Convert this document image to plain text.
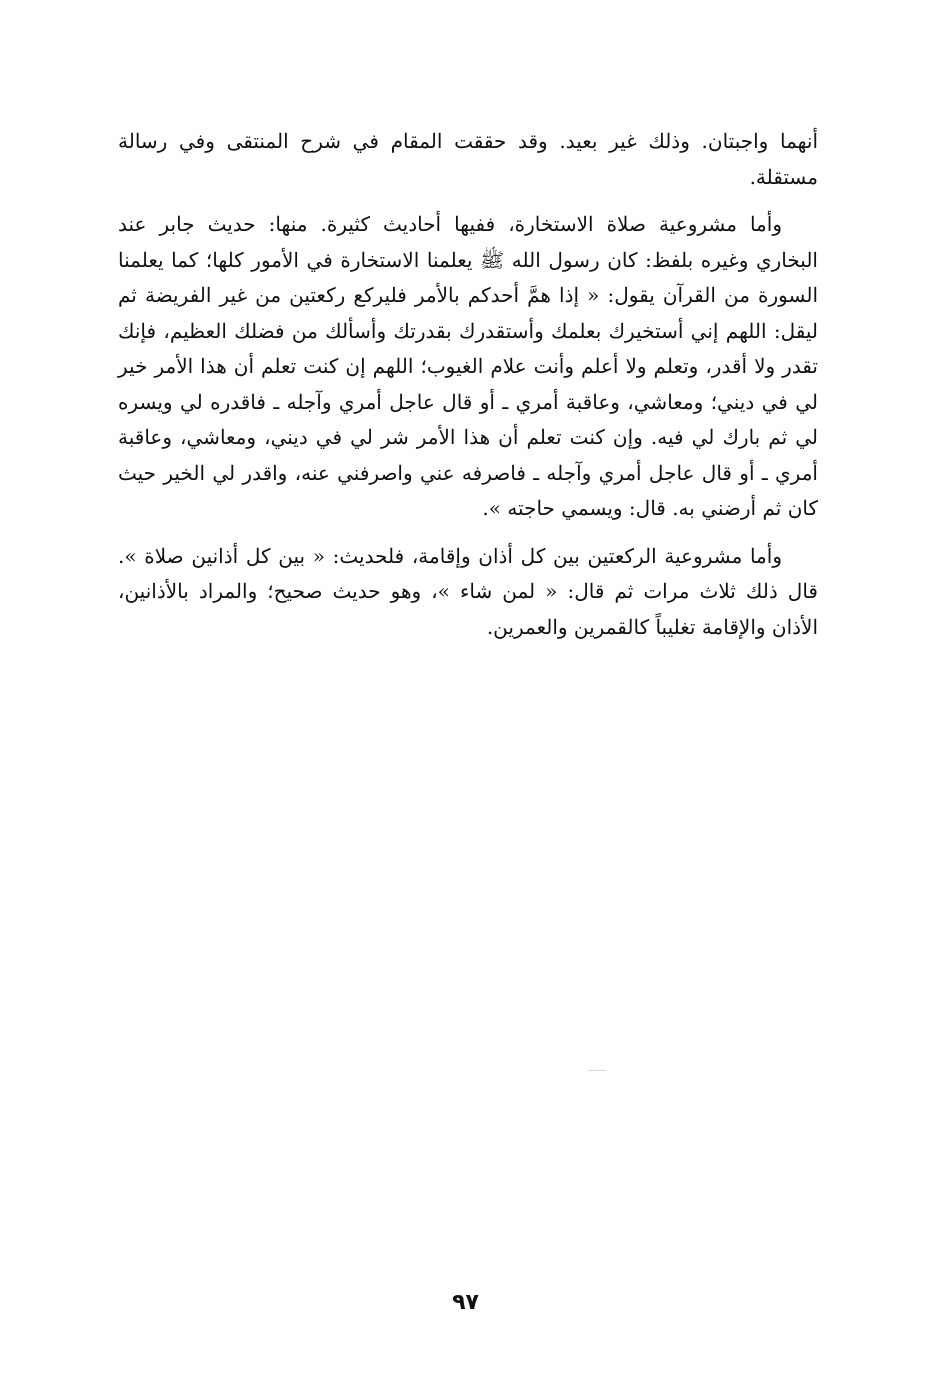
أنهما واجبتان. وذلك غير بعيد. وقد حققت المقام في شرح المنتقى وفي رسالة مستقلة.

وأما مشروعية صلاة الاستخارة، ففيها أحاديث كثيرة. منها: حديث جابر عند البخاري وغيره بلفظ: كان رسول الله ﷺ يعلمنا الاستخارة في الأمور كلها؛ كما يعلمنا السورة من القرآن يقول: « إذا همَّ أحدكم بالأمر فليركع ركعتين من غير الفريضة ثم ليقل: اللهم إني أستخيرك بعلمك وأستقدرك بقدرتك وأسألك من فضلك العظيم، فإنك تقدر ولا أقدر، وتعلم ولا أعلم وأنت علام الغيوب؛ اللهم إن كنت تعلم أن هذا الأمر خير لي في ديني؛ ومعاشي، وعاقبة أمري ـ أو قال عاجل أمري وآجله ـ فاقدره لي ويسره لي ثم بارك لي فيه. وإن كنت تعلم أن هذا الأمر شر لي في ديني، ومعاشي، وعاقبة أمري ـ أو قال عاجل أمري وآجله ـ فاصرفه عني واصرفني عنه، واقدر لي الخير حيث كان ثم أرضني به. قال: ويسمي حاجته ».

وأما مشروعية الركعتين بين كل أذان وإقامة، فلحديث: « بين كل أذانين صلاة ». قال ذلك ثلاث مرات ثم قال: « لمن شاء »، وهو حديث صحيح؛ والمراد بالأذانين، الأذان والإقامة تغليباً كالقمرين والعمرين.

٩٧
